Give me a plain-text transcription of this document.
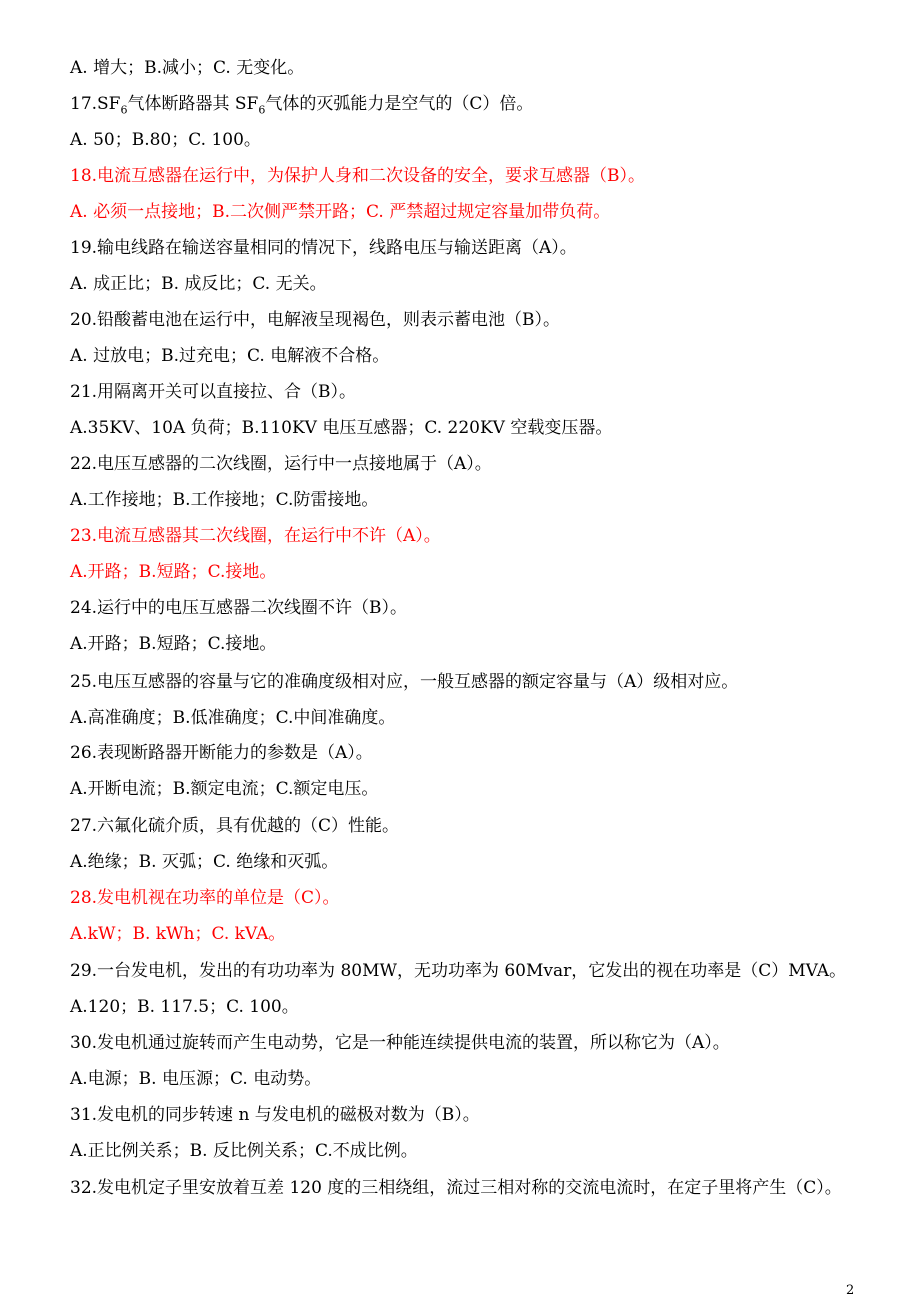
A. 增大；B.减小；C. 无变化。
$17.SF_6$气体断路器其 $SF_6$气体的灭弧能力是空气的（C）倍。
A. 50；B.80；C. 100。
18.电流互感器在运行中，为保护人身和二次设备的安全，要求互感器（B）。
A. 必须一点接地；B.二次侧严禁开路；C. 严禁超过规定容量加带负荷。
19.输电线路在输送容量相同的情况下，线路电压与输送距离（A）。
A. 成正比；B. 成反比；C. 无关。
20.铅酸蓄电池在运行中，电解液呈现褐色，则表示蓄电池（B）。
A. 过放电；B.过充电；C. 电解液不合格。
21.用隔离开关可以直接拉、合（B）。
A.35KV、10A 负荷；B.110KV 电压互感器；C. 220KV 空载变压器。
22.电压互感器的二次线圈，运行中一点接地属于（A）。
A.工作接地；B.工作接地；C.防雷接地。
23.电流互感器其二次线圈，在运行中不许（A）。
A.开路；B.短路；C.接地。
24.运行中的电压互感器二次线圈不许（B）。
A.开路；B.短路；C.接地。
25.电压互感器的容量与它的准确度级相对应，一般互感器的额定容量与（A）级相对应。
A.高准确度；B.低准确度；C.中间准确度。
26.表现断路器开断能力的参数是（A）。
A.开断电流；B.额定电流；C.额定电压。
27.六氟化硫介质，具有优越的（C）性能。
A.绝缘；B. 灭弧；C. 绝缘和灭弧。
28.发电机视在功率的单位是（C）。
A.kW；B. kWh；C. kVA。
29.一台发电机，发出的有功功率为 80MW，无功功率为 60Mvar，它发出的视在功率是（C）MVA。
A.120；B. 117.5；C. 100。
30.发电机通过旋转而产生电动势，它是一种能连续提供电流的装置，所以称它为（A）。
A.电源；B. 电压源；C. 电动势。
31.发电机的同步转速 n 与发电机的磁极对数为（B）。
A.正比例关系；B. 反比例关系；C.不成比例。
32.发电机定子里安放着互差 120 度的三相绕组，流过三相对称的交流电流时，在定子里将产生（C）。
2
